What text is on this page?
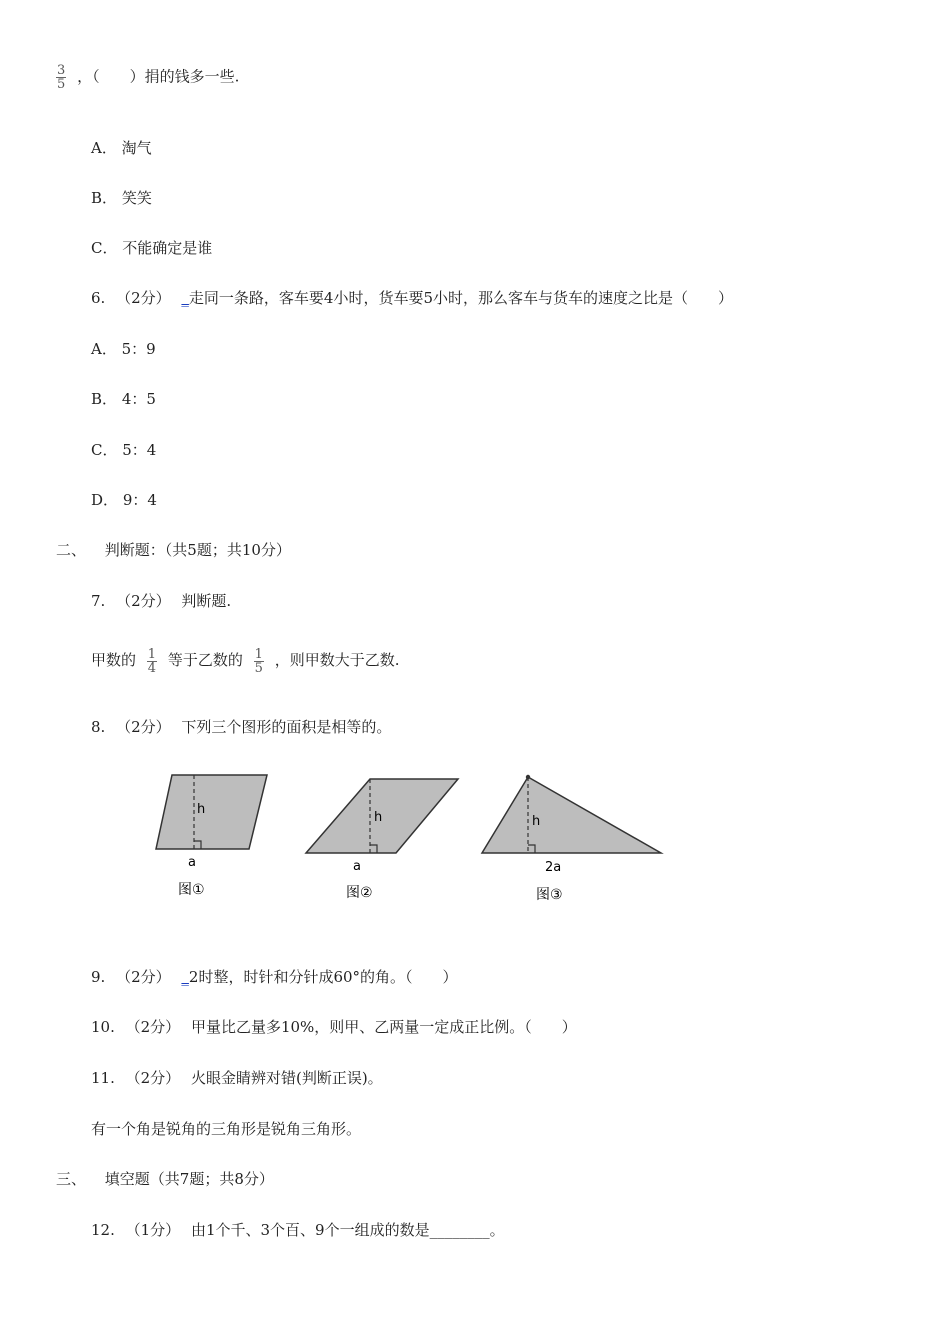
$\frac{3}{5}$ ，（　　）捐的钱多一些.
A． 淘气
B． 笑笑
C． 不能确定是谁
6. （2分） _走同一条路，客车要4小时，货车要5小时，那么客车与货车的速度之比是（　　）
A． 5：9
B． 4：5
C． 5：4
D． 9：4
二、 判断题：（共5题；共10分）
7. （2分） 判断题.
甲数的 $\frac{1}{4}$ 等于乙数的 $\frac{1}{5}$ ，则甲数大于乙数.
8. （2分） 下列三个图形的面积是相等的。
h
a
图①
h
a
图②
h
2a
图③
9. （2分） _2时整，时针和分针成60°的角。（　　）
10. （2分） 甲量比乙量多10%，则甲、乙两量一定成正比例。（　　）
11. （2分） 火眼金睛辨对错(判断正误)。
有一个角是锐角的三角形是锐角三角形。
三、 填空题（共7题；共8分）
12. （1分） 由1个千、3个百、9个一组成的数是________。
